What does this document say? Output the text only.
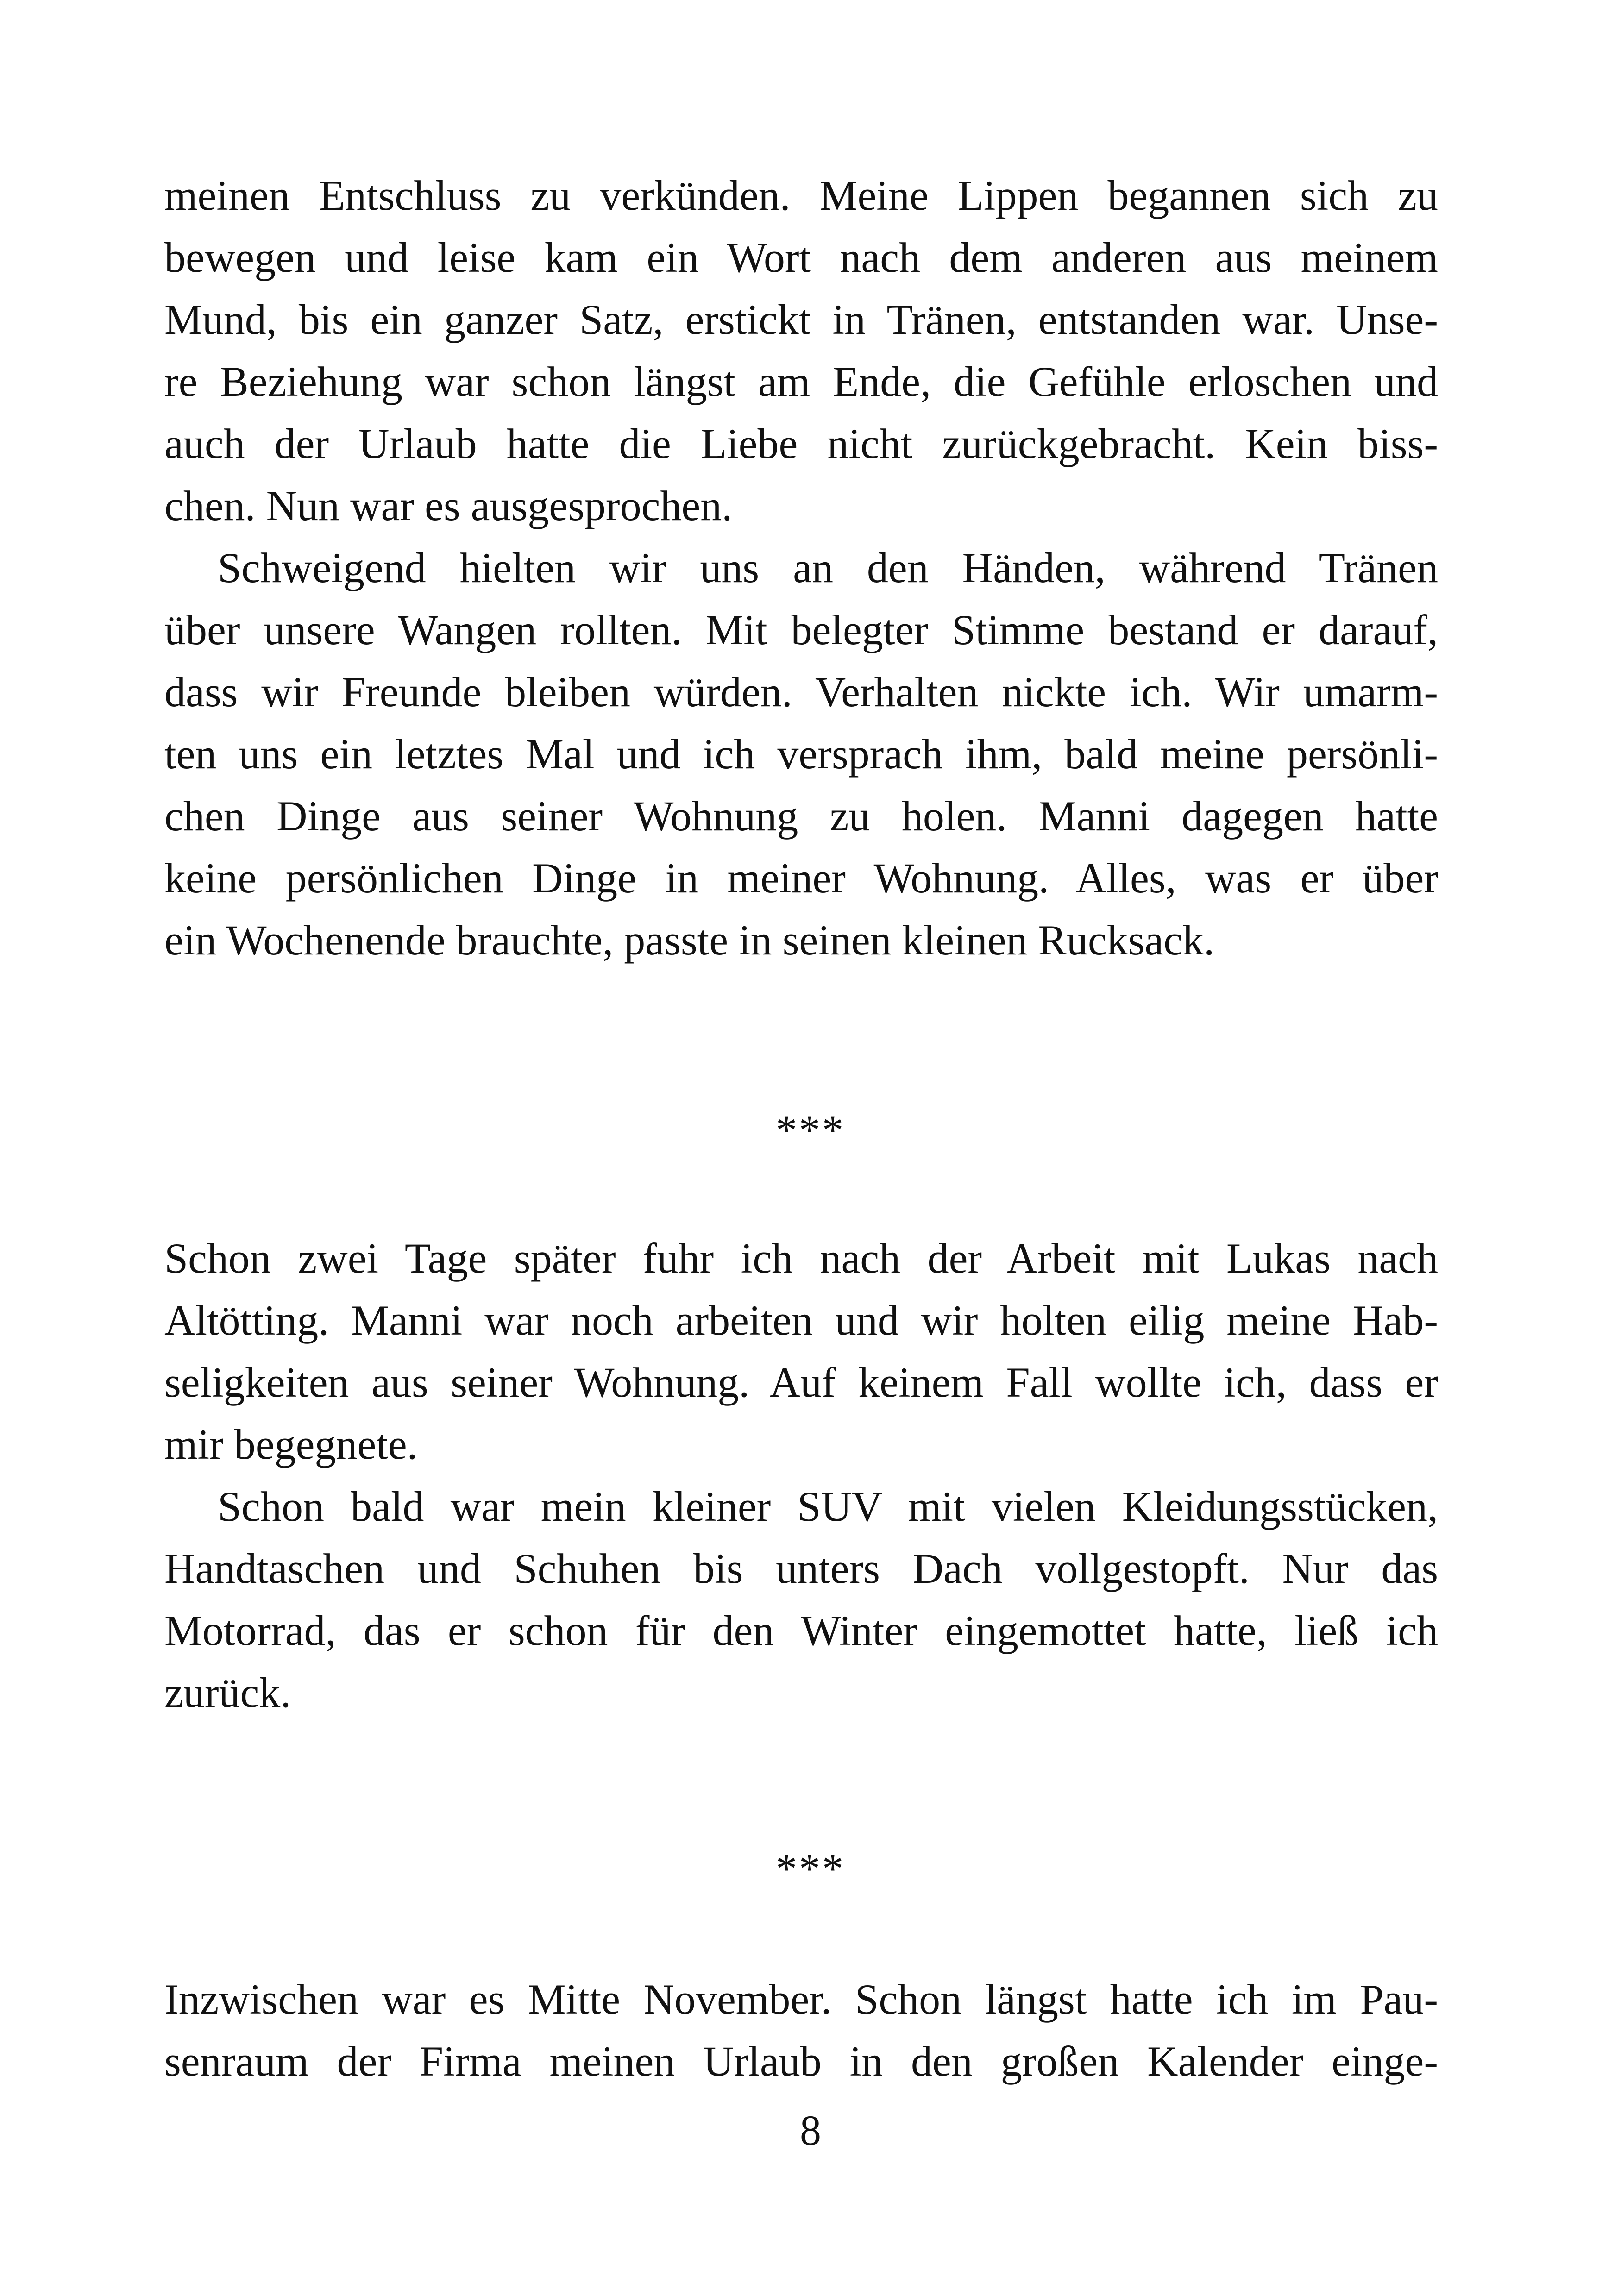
meinen Entschluss zu verkünden. Meine Lippen begannen sich zu
bewegen und leise kam ein Wort nach dem anderen aus meinem
Mund, bis ein ganzer Satz, erstickt in Tränen, entstanden war. Unse-
re Beziehung war schon längst am Ende, die Gefühle erloschen und
auch der Urlaub hatte die Liebe nicht zurückgebracht. Kein biss-
chen. Nun war es ausgesprochen.
Schweigend hielten wir uns an den Händen, während Tränen
über unsere Wangen rollten. Mit belegter Stimme bestand er darauf,
dass wir Freunde bleiben würden. Verhalten nickte ich. Wir umarm-
ten uns ein letztes Mal und ich versprach ihm, bald meine persönli-
chen Dinge aus seiner Wohnung zu holen. Manni dagegen hatte
keine persönlichen Dinge in meiner Wohnung. Alles, was er über
ein Wochenende brauchte, passte in seinen kleinen Rucksack.
***
Schon zwei Tage später fuhr ich nach der Arbeit mit Lukas nach
Altötting. Manni war noch arbeiten und wir holten eilig meine Hab-
seligkeiten aus seiner Wohnung. Auf keinem Fall wollte ich, dass er
mir begegnete.
Schon bald war mein kleiner SUV mit vielen Kleidungsstücken,
Handtaschen und Schuhen bis unters Dach vollgestopft. Nur das
Motorrad, das er schon für den Winter eingemottet hatte, ließ ich
zurück.
***
Inzwischen war es Mitte November. Schon längst hatte ich im Pau-
senraum der Firma meinen Urlaub in den großen Kalender einge-
8
